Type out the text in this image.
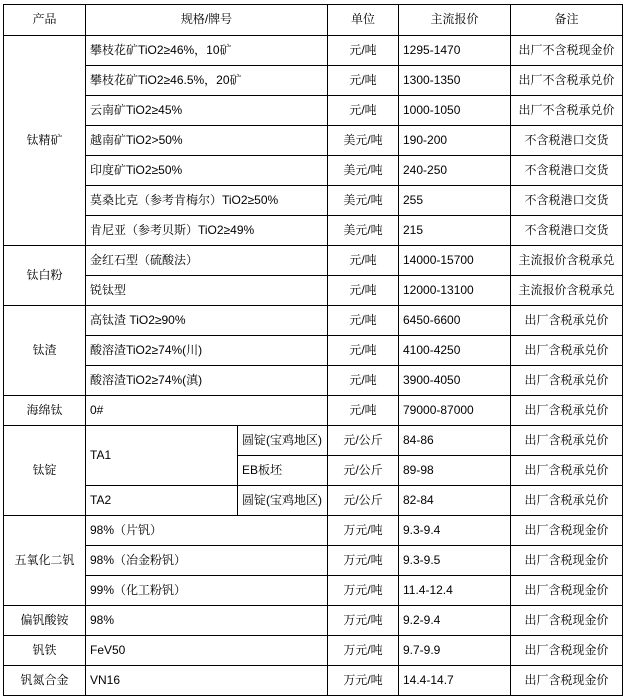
产品	规格/牌号		单位	主流报价	备注
钛精矿	攀枝花矿TiO2≥46%，10矿		元/吨	1295-1470	出厂不含税现金价
	攀枝花矿TiO2≥46.5%，20矿		元/吨	1300-1350	出厂不含税承兑价
	云南矿TiO2≥45%		元/吨	1000-1050	出厂不含税承兑价
	越南矿TiO2>50%		美元/吨	190-200	不含税港口交货
	印度矿TiO2≥50%		美元/吨	240-250	不含税港口交货
	莫桑比克（参考肯梅尔）TiO2≥50%		美元/吨	255	不含税港口交货
	肯尼亚（参考贝斯）TiO2≥49%		美元/吨	215	不含税港口交货
钛白粉	金红石型（硫酸法）		元/吨	14000-15700	主流报价含税承兑
	锐钛型		元/吨	12000-13100	主流报价含税承兑
钛渣	高钛渣 TiO2≥90%		元/吨	6450-6600	出厂含税承兑价
	酸溶渣TiO2≥74%(川)		元/吨	4100-4250	出厂含税承兑价
	酸溶渣TiO2≥74%(滇)		元/吨	3900-4050	出厂含税承兑价
海绵钛	0#		元/吨	79000-87000	出厂含税承兑价
钛锭	TA1	圆锭(宝鸡地区)	元/公斤	84-86	出厂含税承兑价
		EB板坯	元/公斤	89-98	出厂含税承兑价
	TA2	圆锭(宝鸡地区)	元/公斤	82-84	出厂含税承兑价
五氧化二钒	98%（片钒）		万元/吨	9.3-9.4	出厂含税现金价
	98%（冶金粉钒）		万元/吨	9.3-9.5	出厂含税现金价
	99%（化工粉钒）		万元/吨	11.4-12.4	出厂含税现金价
偏钒酸铵	98%		万元/吨	9.2-9.4	出厂含税现金价
钒铁	FeV50		万元/吨	9.7-9.9	出厂含税现金价
钒氮合金	VN16		万元/吨	14.4-14.7	出厂含税现金价
